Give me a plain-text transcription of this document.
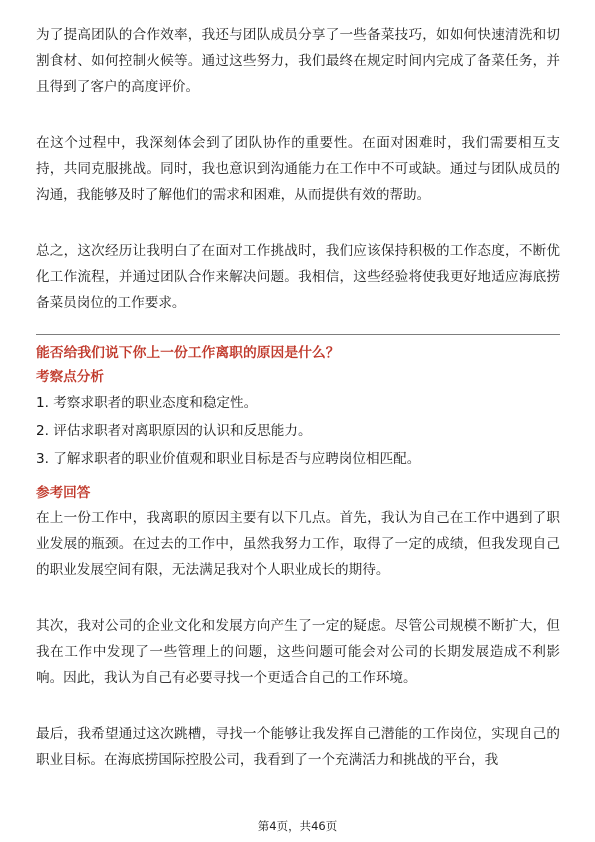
为了提高团队的合作效率，我还与团队成员分享了一些备菜技巧，如如何快速清洗和切割食材、如何控制火候等。通过这些努力，我们最终在规定时间内完成了备菜任务，并且得到了客户的高度评价。

在这个过程中，我深刻体会到了团队协作的重要性。在面对困难时，我们需要相互支持，共同克服挑战。同时，我也意识到沟通能力在工作中不可或缺。通过与团队成员的沟通，我能够及时了解他们的需求和困难，从而提供有效的帮助。

总之，这次经历让我明白了在面对工作挑战时，我们应该保持积极的工作态度，不断优化工作流程，并通过团队合作来解决问题。我相信，这些经验将使我更好地适应海底捞备菜员岗位的工作要求。

能否给我们说下你上一份工作离职的原因是什么？

考察点分析

1. 考察求职者的职业态度和稳定性。

2. 评估求职者对离职原因的认识和反思能力。

3. 了解求职者的职业价值观和职业目标是否与应聘岗位相匹配。

参考回答

在上一份工作中，我离职的原因主要有以下几点。首先，我认为自己在工作中遇到了职业发展的瓶颈。在过去的工作中，虽然我努力工作，取得了一定的成绩，但我发现自己的职业发展空间有限，无法满足我对个人职业成长的期待。

其次，我对公司的企业文化和发展方向产生了一定的疑虑。尽管公司规模不断扩大，但我在工作中发现了一些管理上的问题，这些问题可能会对公司的长期发展造成不利影响。因此，我认为自己有必要寻找一个更适合自己的工作环境。

最后，我希望通过这次跳槽，寻找一个能够让我发挥自己潜能的工作岗位，实现自己的职业目标。在海底捞国际控股公司，我看到了一个充满活力和挑战的平台，我

第4页，共46页
